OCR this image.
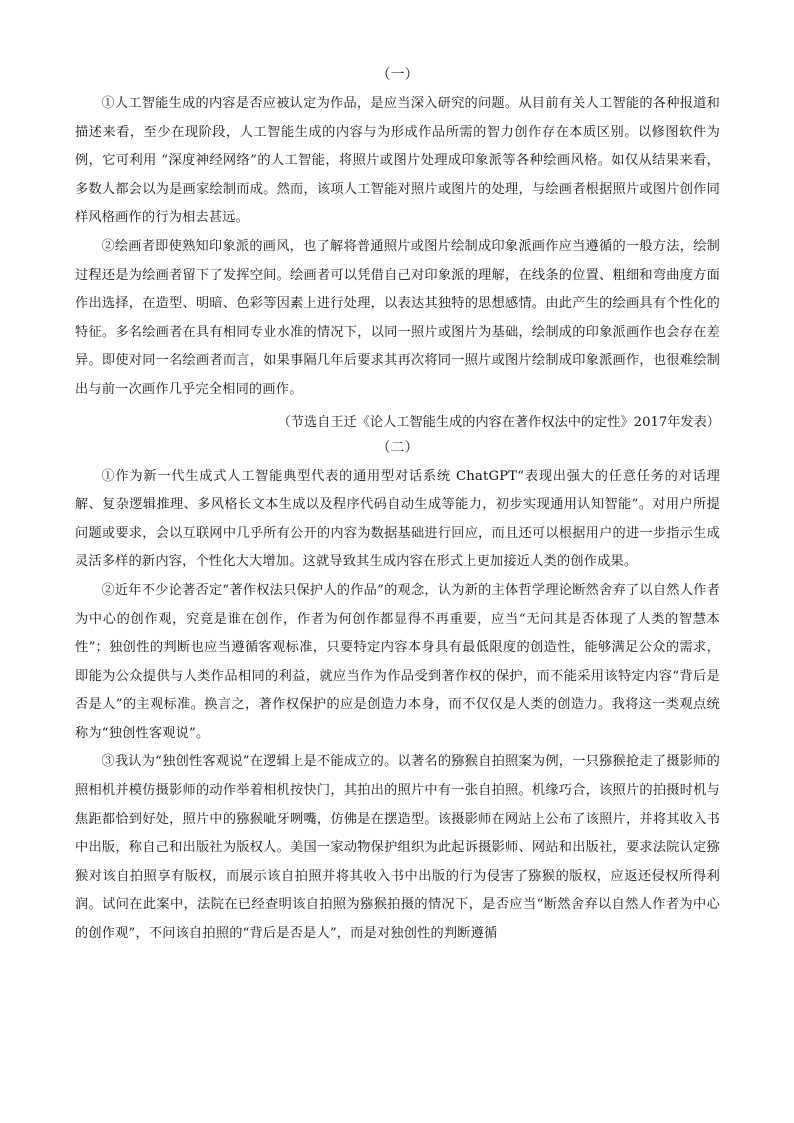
（一）

①人工智能生成的内容是否应被认定为作品，是应当深入研究的问题。从目前有关人工智能的各种报道和描述来看，至少在现阶段，人工智能生成的内容与为形成作品所需的智力创作存在本质区别。以修图软件为例，它可利用 “深度神经网络”的人工智能，将照片或图片处理成印象派等各种绘画风格。如仅从结果来看，多数人都会以为是画家绘制而成。然而，该项人工智能对照片或图片的处理，与绘画者根据照片或图片创作同样风格画作的行为相去甚远。

②绘画者即使熟知印象派的画风，也了解将普通照片或图片绘制成印象派画作应当遵循的一般方法，绘制过程还是为绘画者留下了发挥空间。绘画者可以凭借自己对印象派的理解，在线条的位置、粗细和弯曲度方面作出选择，在造型、明暗、色彩等因素上进行处理，以表达其独特的思想感情。由此产生的绘画具有个性化的特征。多名绘画者在具有相同专业水准的情况下，以同一照片或图片为基础，绘制成的印象派画作也会存在差异。即使对同一名绘画者而言，如果事隔几年后要求其再次将同一照片或图片绘制成印象派画作，也很难绘制出与前一次画作几乎完全相同的画作。

（节选自王迁《论人工智能生成的内容在著作权法中的定性》2017年发表）
（二）

①作为新一代生成式人工智能典型代表的通用型对话系统 ChatGPT“表现出强大的任意任务的对话理解、复杂逻辑推理、多风格长文本生成以及程序代码自动生成等能力，初步实现通用认知智能”。对用户所提问题或要求，会以互联网中几乎所有公开的内容为数据基础进行回应，而且还可以根据用户的进一步指示生成灵活多样的新内容，个性化大大增加。这就导致其生成内容在形式上更加接近人类的创作成果。

②近年不少论著否定“著作权法只保护人的作品”的观念，认为新的主体哲学理论断然舍弃了以自然人作者为中心的创作观，究竟是谁在创作，作者为何创作都显得不再重要，应当“无问其是否体现了人类的智慧本性”；独创性的判断也应当遵循客观标准，只要特定内容本身具有最低限度的创造性，能够满足公众的需求，即能为公众提供与人类作品相同的利益，就应当作为作品受到著作权的保护，而不能采用该特定内容“背后是否是人”的主观标准。换言之，著作权保护的应是创造力本身，而不仅仅是人类的创造力。我将这一类观点统称为“独创性客观说”。

③我认为“独创性客观说”在逻辑上是不能成立的。以著名的猕猴自拍照案为例，一只猕猴抢走了摄影师的照相机并模仿摄影师的动作举着相机按快门，其拍出的照片中有一张自拍照。机缘巧合，该照片的拍摄时机与焦距都恰到好处，照片中的猕猴呲牙咧嘴，仿佛是在摆造型。该摄影师在网站上公布了该照片，并将其收入书中出版，称自己和出版社为版权人。美国一家动物保护组织为此起诉摄影师、网站和出版社，要求法院认定猕猴对该自拍照享有版权，而展示该自拍照并将其收入书中出版的行为侵害了猕猴的版权，应返还侵权所得利润。试问在此案中，法院在已经查明该自拍照为猕猴拍摄的情况下，是否应当“断然舍弃以自然人作者为中心的创作观”，不问该自拍照的“背后是否是人”，而是对独创性的判断遵循
